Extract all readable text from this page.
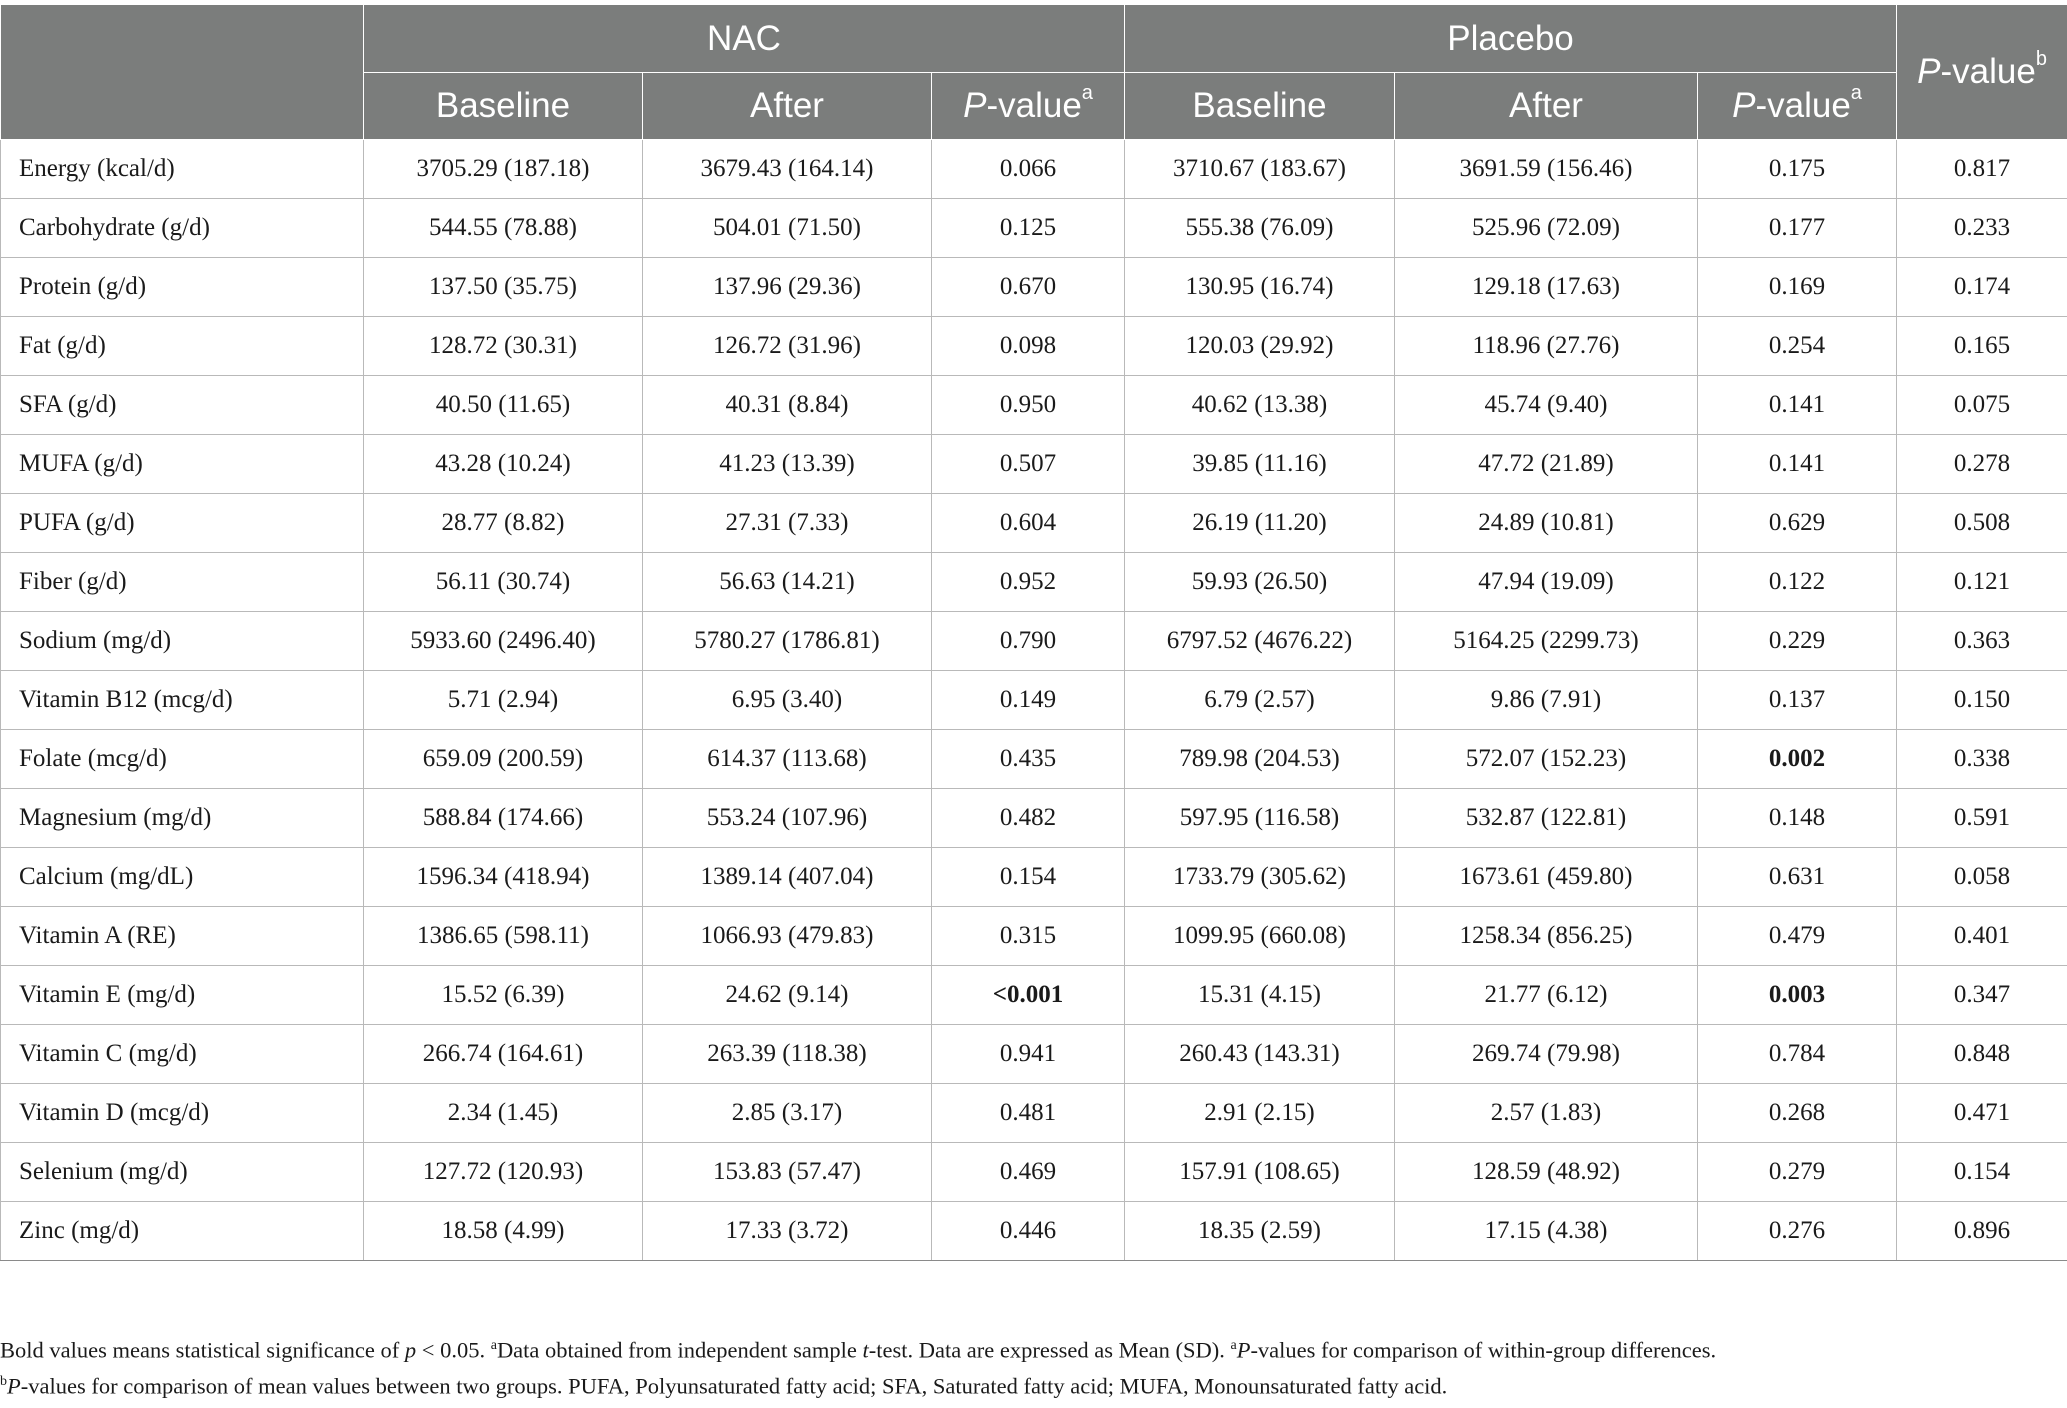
	NAC			Placebo			P-value$^b$
	Baseline	After	P-value$^a$	Baseline	After	P-value$^a$
Energy (kcal/d)	3705.29 (187.18)	3679.43 (164.14)	0.066	3710.67 (183.67)	3691.59 (156.46)	0.175	0.817
Carbohydrate (g/d)	544.55 (78.88)	504.01 (71.50)	0.125	555.38 (76.09)	525.96 (72.09)	0.177	0.233
Protein (g/d)	137.50 (35.75)	137.96 (29.36)	0.670	130.95 (16.74)	129.18 (17.63)	0.169	0.174
Fat (g/d)	128.72 (30.31)	126.72 (31.96)	0.098	120.03 (29.92)	118.96 (27.76)	0.254	0.165
SFA (g/d)	40.50 (11.65)	40.31 (8.84)	0.950	40.62 (13.38)	45.74 (9.40)	0.141	0.075
MUFA (g/d)	43.28 (10.24)	41.23 (13.39)	0.507	39.85 (11.16)	47.72 (21.89)	0.141	0.278
PUFA (g/d)	28.77 (8.82)	27.31 (7.33)	0.604	26.19 (11.20)	24.89 (10.81)	0.629	0.508
Fiber (g/d)	56.11 (30.74)	56.63 (14.21)	0.952	59.93 (26.50)	47.94 (19.09)	0.122	0.121
Sodium (mg/d)	5933.60 (2496.40)	5780.27 (1786.81)	0.790	6797.52 (4676.22)	5164.25 (2299.73)	0.229	0.363
Vitamin B12 (mcg/d)	5.71 (2.94)	6.95 (3.40)	0.149	6.79 (2.57)	9.86 (7.91)	0.137	0.150
Folate (mcg/d)	659.09 (200.59)	614.37 (113.68)	0.435	789.98 (204.53)	572.07 (152.23)	0.002	0.338
Magnesium (mg/d)	588.84 (174.66)	553.24 (107.96)	0.482	597.95 (116.58)	532.87 (122.81)	0.148	0.591
Calcium (mg/dL)	1596.34 (418.94)	1389.14 (407.04)	0.154	1733.79 (305.62)	1673.61 (459.80)	0.631	0.058
Vitamin A (RE)	1386.65 (598.11)	1066.93 (479.83)	0.315	1099.95 (660.08)	1258.34 (856.25)	0.479	0.401
Vitamin E (mg/d)	15.52 (6.39)	24.62 (9.14)	<0.001	15.31 (4.15)	21.77 (6.12)	0.003	0.347
Vitamin C (mg/d)	266.74 (164.61)	263.39 (118.38)	0.941	260.43 (143.31)	269.74 (79.98)	0.784	0.848
Vitamin D (mcg/d)	2.34 (1.45)	2.85 (3.17)	0.481	2.91 (2.15)	2.57 (1.83)	0.268	0.471
Selenium (mg/d)	127.72 (120.93)	153.83 (57.47)	0.469	157.91 (108.65)	128.59 (48.92)	0.279	0.154
Zinc (mg/d)	18.58 (4.99)	17.33 (3.72)	0.446	18.35 (2.59)	17.15 (4.38)	0.276	0.896

Bold values means statistical significance of p < 0.05. $^a$Data obtained from independent sample t-test. Data are expressed as Mean (SD). $^a$P-values for comparison of within-group differences.

$^b$P-values for comparison of mean values between two groups. PUFA, Polyunsaturated fatty acid; SFA, Saturated fatty acid; MUFA, Monounsaturated fatty acid.
